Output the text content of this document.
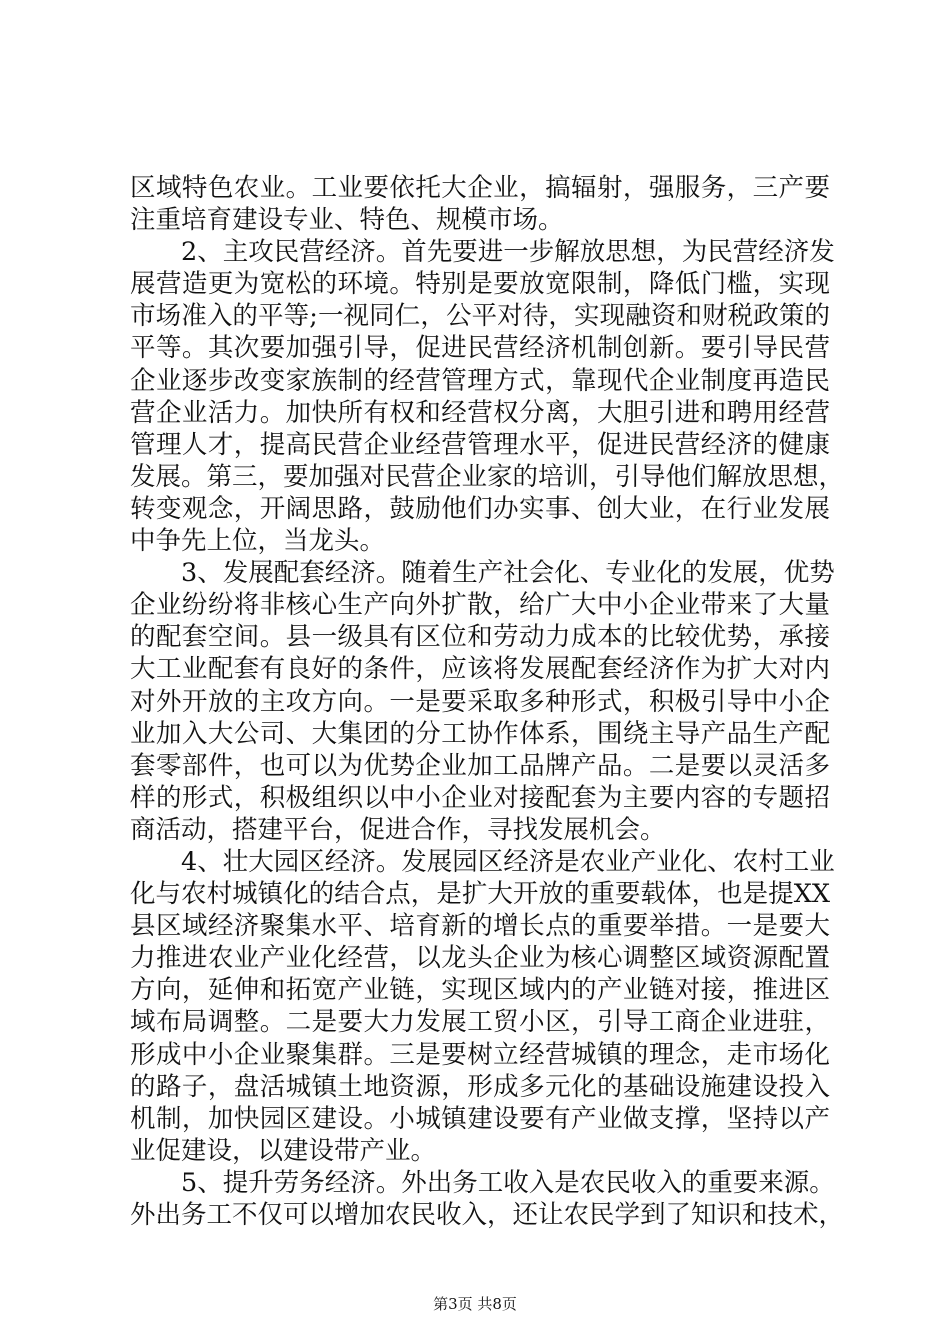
区域特色农业。工业要依托大企业，搞辐射，强服务，三产要
注重培育建设专业、特色、规模市场。
2、主攻民营经济。首先要进一步解放思想，为民营经济发
展营造更为宽松的环境。特别是要放宽限制，降低门槛，实现
市场准入的平等;一视同仁，公平对待，实现融资和财税政策的
平等。其次要加强引导，促进民营经济机制创新。要引导民营
企业逐步改变家族制的经营管理方式，靠现代企业制度再造民
营企业活力。加快所有权和经营权分离，大胆引进和聘用经营
管理人才，提高民营企业经营管理水平，促进民营经济的健康
发展。第三，要加强对民营企业家的培训，引导他们解放思想，
转变观念，开阔思路，鼓励他们办实事、创大业，在行业发展
中争先上位，当龙头。
3、发展配套经济。随着生产社会化、专业化的发展，优势
企业纷纷将非核心生产向外扩散，给广大中小企业带来了大量
的配套空间。县一级具有区位和劳动力成本的比较优势，承接
大工业配套有良好的条件，应该将发展配套经济作为扩大对内
对外开放的主攻方向。一是要采取多种形式，积极引导中小企
业加入大公司、大集团的分工协作体系，围绕主导产品生产配
套零部件，也可以为优势企业加工品牌产品。二是要以灵活多
样的形式，积极组织以中小企业对接配套为主要内容的专题招
商活动，搭建平台，促进合作，寻找发展机会。
4、壮大园区经济。发展园区经济是农业产业化、农村工业
化与农村城镇化的结合点，是扩大开放的重要载体，也是提XX
县区域经济聚集水平、培育新的增长点的重要举措。一是要大
力推进农业产业化经营，以龙头企业为核心调整区域资源配置
方向，延伸和拓宽产业链，实现区域内的产业链对接，推进区
域布局调整。二是要大力发展工贸小区，引导工商企业进驻，
形成中小企业聚集群。三是要树立经营城镇的理念，走市场化
的路子，盘活城镇土地资源，形成多元化的基础设施建设投入
机制，加快园区建设。小城镇建设要有产业做支撑，坚持以产
业促建设，以建设带产业。
5、提升劳务经济。外出务工收入是农民收入的重要来源。
外出务工不仅可以增加农民收入，还让农民学到了知识和技术，
第3页 共8页
